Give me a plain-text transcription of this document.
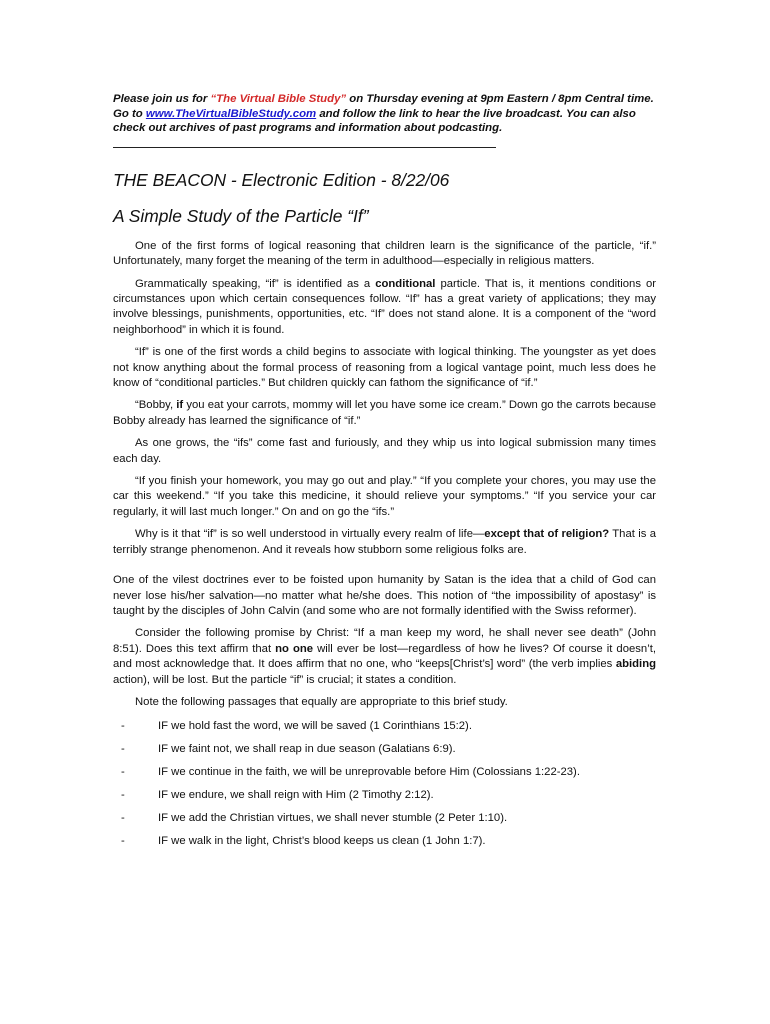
Please join us for “The Virtual Bible Study” on Thursday evening at 9pm Eastern / 8pm Central time. Go to www.TheVirtualBibleStudy.com and follow the link to hear the live broadcast. You can also check out archives of past programs and information about podcasting.

THE BEACON - Electronic Edition - 8/22/06
A Simple Study of the Particle “If”

One of the first forms of logical reasoning that children learn is the significance of the particle, “if.” Unfortunately, many forget the meaning of the term in adulthood—especially in religious matters.

Grammatically speaking, “if” is identified as a conditional particle. That is, it mentions conditions or circumstances upon which certain consequences follow. “If” has a great variety of applications; they may involve blessings, punishments, opportunities, etc. “If” does not stand alone. It is a component of the “word neighborhood” in which it is found.

“If” is one of the first words a child begins to associate with logical thinking. The youngster as yet does not know anything about the formal process of reasoning from a logical vantage point, much less does he know of “conditional particles.” But children quickly can fathom the significance of “if.”

“Bobby, if you eat your carrots, mommy will let you have some ice cream.” Down go the carrots because Bobby already has learned the significance of “if.”

As one grows, the “ifs” come fast and furiously, and they whip us into logical submission many times each day.

“If you finish your homework, you may go out and play.” “If you complete your chores, you may use the car this weekend.” “If you take this medicine, it should relieve your symptoms.” “If you service your car regularly, it will last much longer.” On and on go the “ifs.”

Why is it that “if” is so well understood in virtually every realm of life—except that of religion? That is a terribly strange phenomenon. And it reveals how stubborn some religious folks are.

One of the vilest doctrines ever to be foisted upon humanity by Satan is the idea that a child of God can never lose his/her salvation—no matter what he/she does. This notion of “the impossibility of apostasy” is taught by the disciples of John Calvin (and some who are not formally identified with the Swiss reformer).

Consider the following promise by Christ: “If a man keep my word, he shall never see death” (John 8:51). Does this text affirm that no one will ever be lost—regardless of how he lives? Of course it doesn’t, and most acknowledge that. It does affirm that no one, who “keeps[Christ’s] word” (the verb implies abiding action), will be lost. But the particle “if” is crucial; it states a condition.

Note the following passages that equally are appropriate to this brief study.

-	IF we hold fast the word, we will be saved (1 Corinthians 15:2).
-	IF we faint not, we shall reap in due season (Galatians 6:9).
-	IF we continue in the faith, we will be unreprovable before Him (Colossians 1:22-23).
-	IF we endure, we shall reign with Him (2 Timothy 2:12).
-	IF we add the Christian virtues, we shall never stumble (2 Peter 1:10).
-	IF we walk in the light, Christ’s blood keeps us clean (1 John 1:7).
